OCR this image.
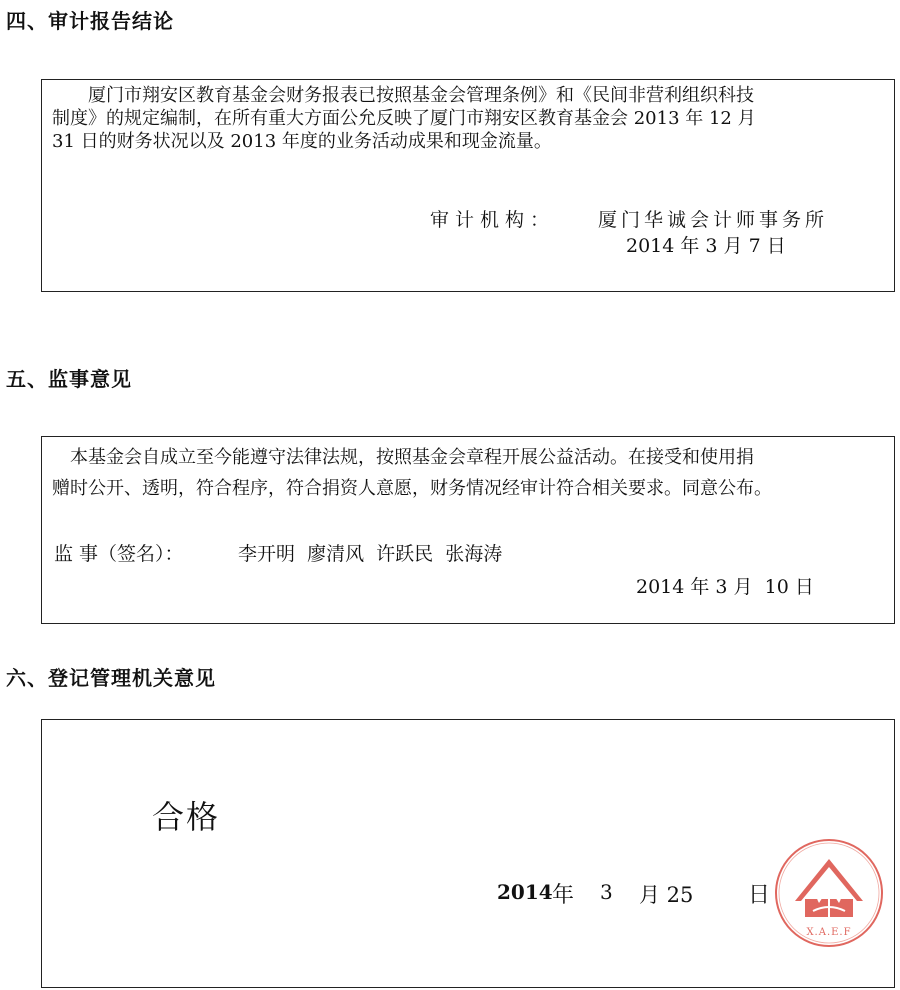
四、审计报告结论
　　厦门市翔安区教育基金会财务报表已按照基金会管理条例》和《民间非营利组织科技
制度》的规定编制，在所有重大方面公允反映了厦门市翔安区教育基金会 2013 年 12 月
31 日的财务状况以及 2013 年度的业务活动成果和现金流量。
审计机构： 厦门华诚会计师事务所
2014 年 3 月 7 日
五、监事意见
　本基金会自成立至今能遵守法律法规，按照基金会章程开展公益活动。在接受和使用捐
赠时公开、透明，符合程序，符合捐资人意愿，财务情况经审计符合相关要求。同意公布。
监 事（签名）：	李开明  廖清风  许跃民  张海涛
2014 年 3 月  10 日
六、登记管理机关意见
合格
2014 年 3 月 25 日
X.A.E.F
